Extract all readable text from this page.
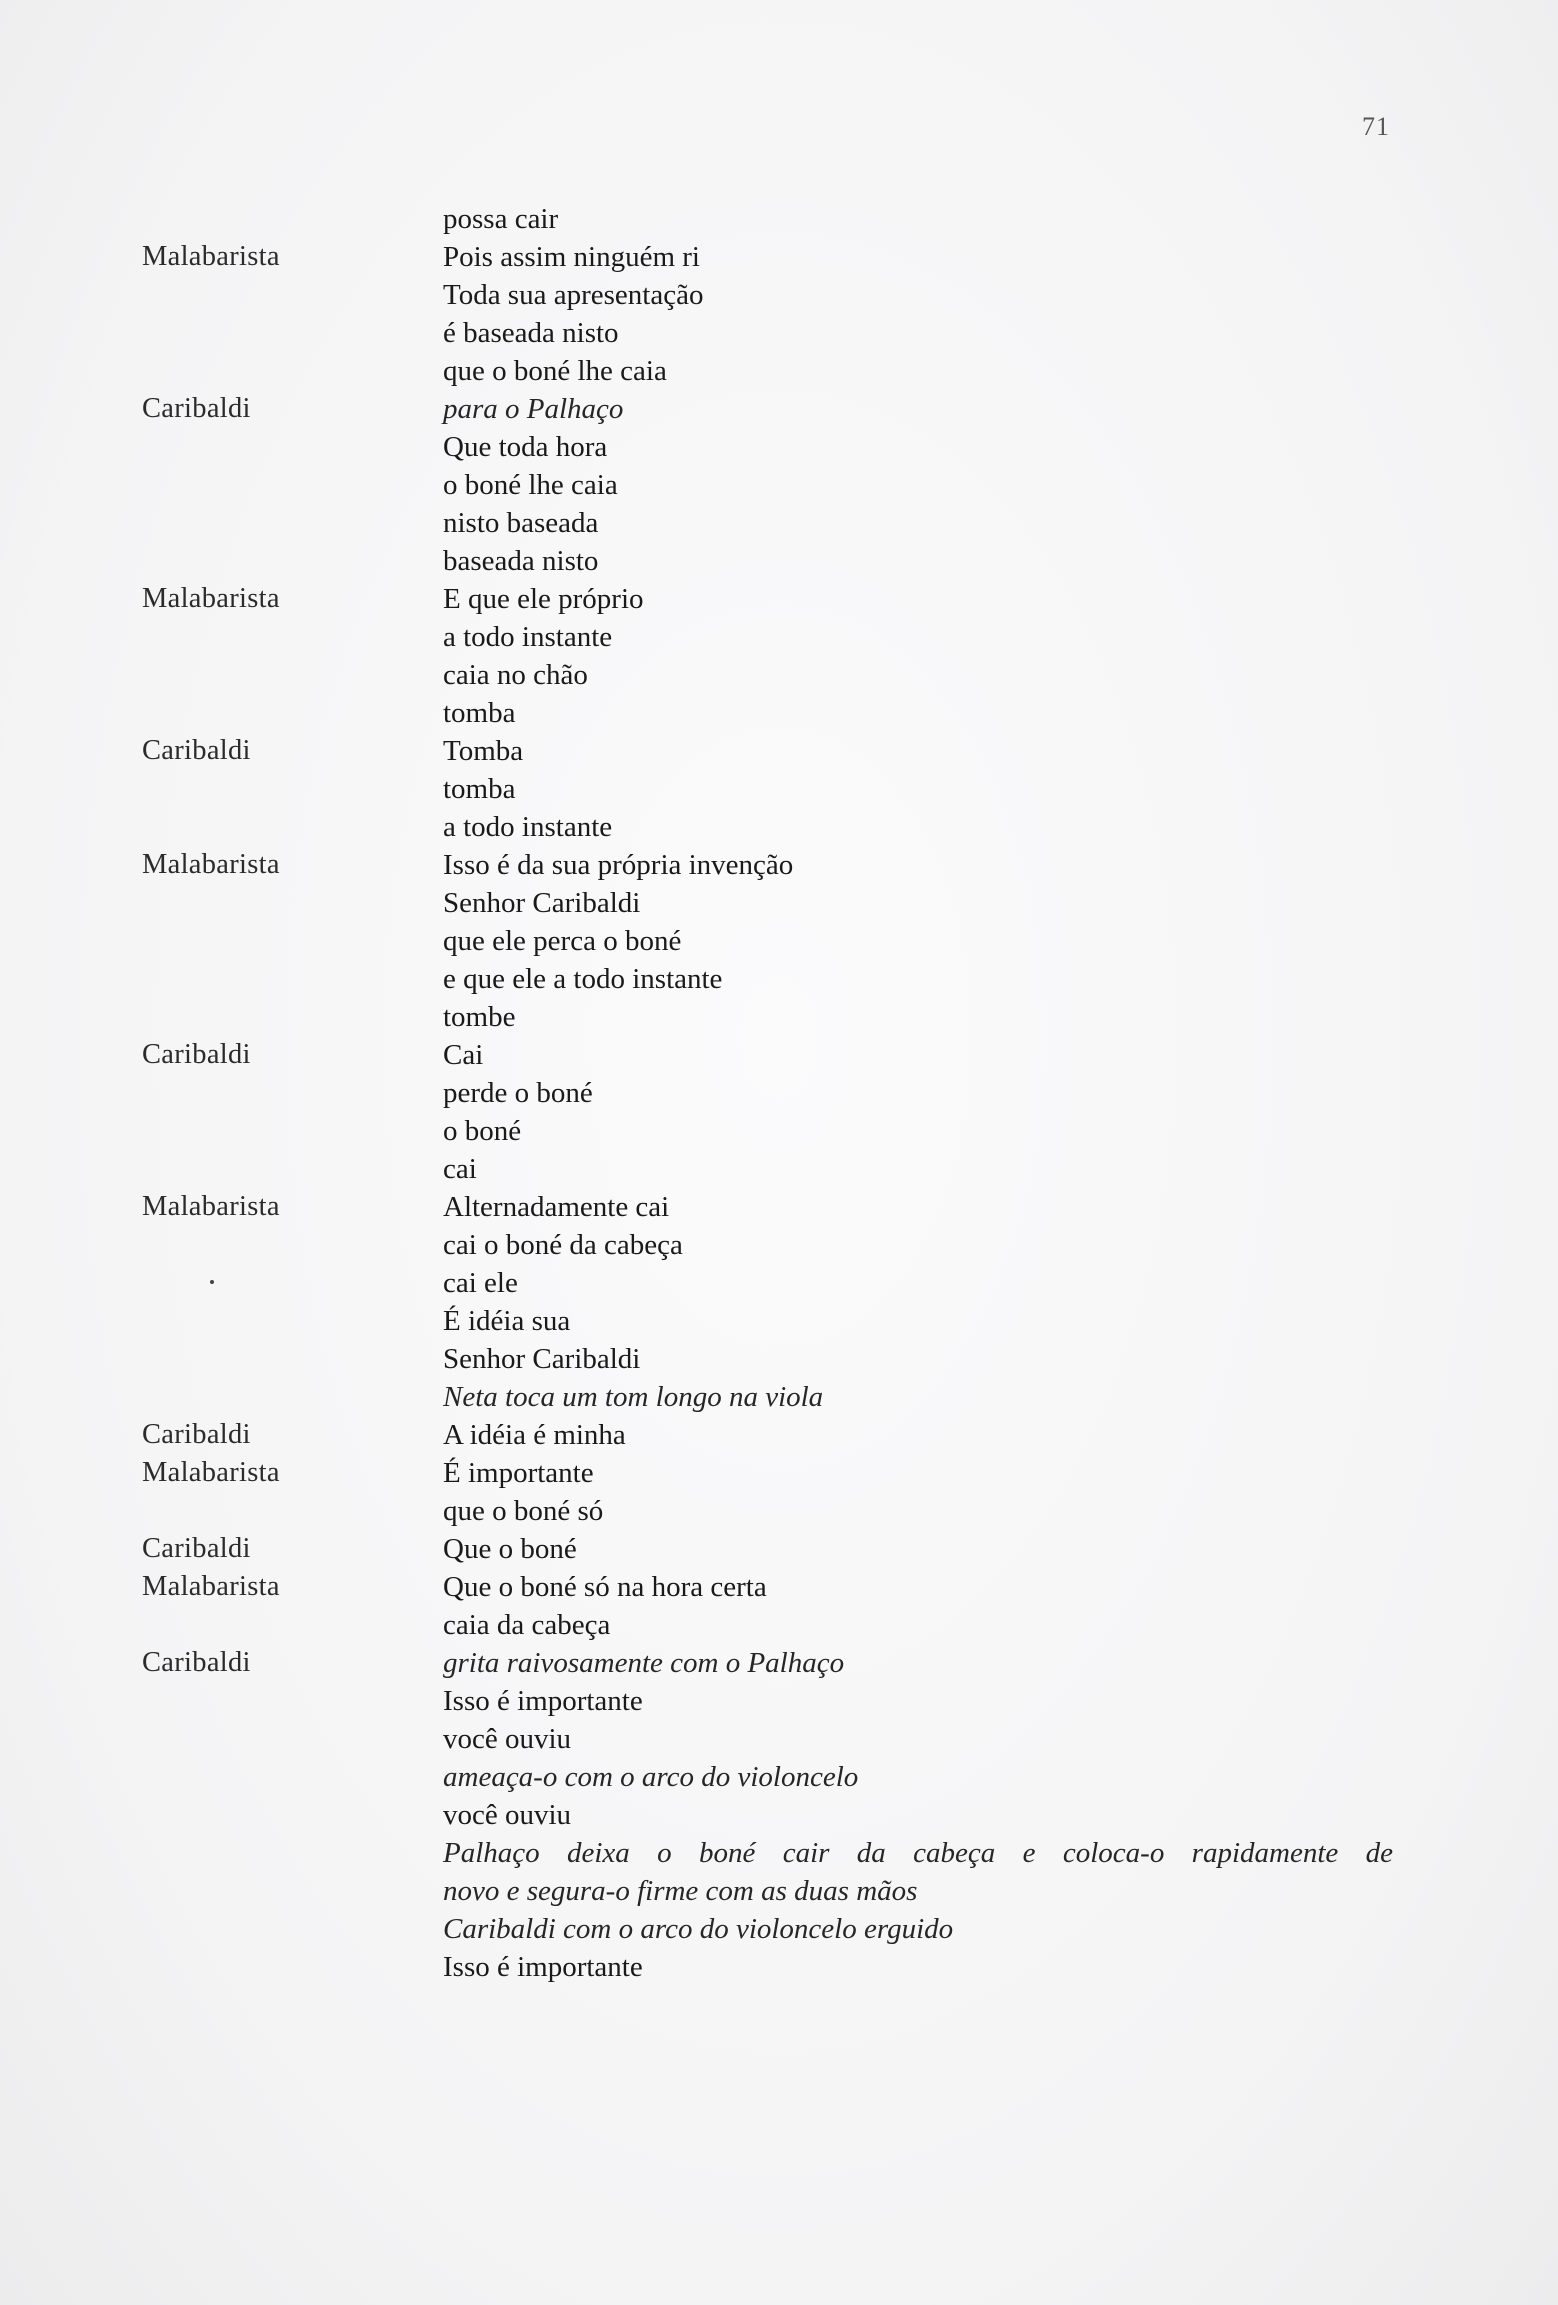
71
possa cair
Malabarista	Pois assim ninguém ri
Toda sua apresentação
é baseada nisto
que o boné lhe caia
Caribaldi	para o Palhaço
Que toda hora
o boné lhe caia
nisto baseada
baseada nisto
Malabarista	E que ele próprio
a todo instante
caia no chão
tomba
Caribaldi	Tomba
tomba
a todo instante
Malabarista	Isso é da sua própria invenção
Senhor Caribaldi
que ele perca o boné
e que ele a todo instante
tombe
Caribaldi	Cai
perde o boné
o boné
cai
Malabarista	Alternadamente cai
cai o boné da cabeça
cai ele
É idéia sua
Senhor Caribaldi
Neta toca um tom longo na viola
Caribaldi	A idéia é minha
Malabarista	É importante
que o boné só
Caribaldi	Que o boné
Malabarista	Que o boné só na hora certa
caia da cabeça
Caribaldi	grita raivosamente com o Palhaço
Isso é importante
você ouviu
ameaça-o com o arco do violoncelo
você ouviu
Palhaço deixa o boné cair da cabeça e coloca-o rapidamente de
novo e segura-o firme com as duas mãos
Caribaldi com o arco do violoncelo erguido
Isso é importante
